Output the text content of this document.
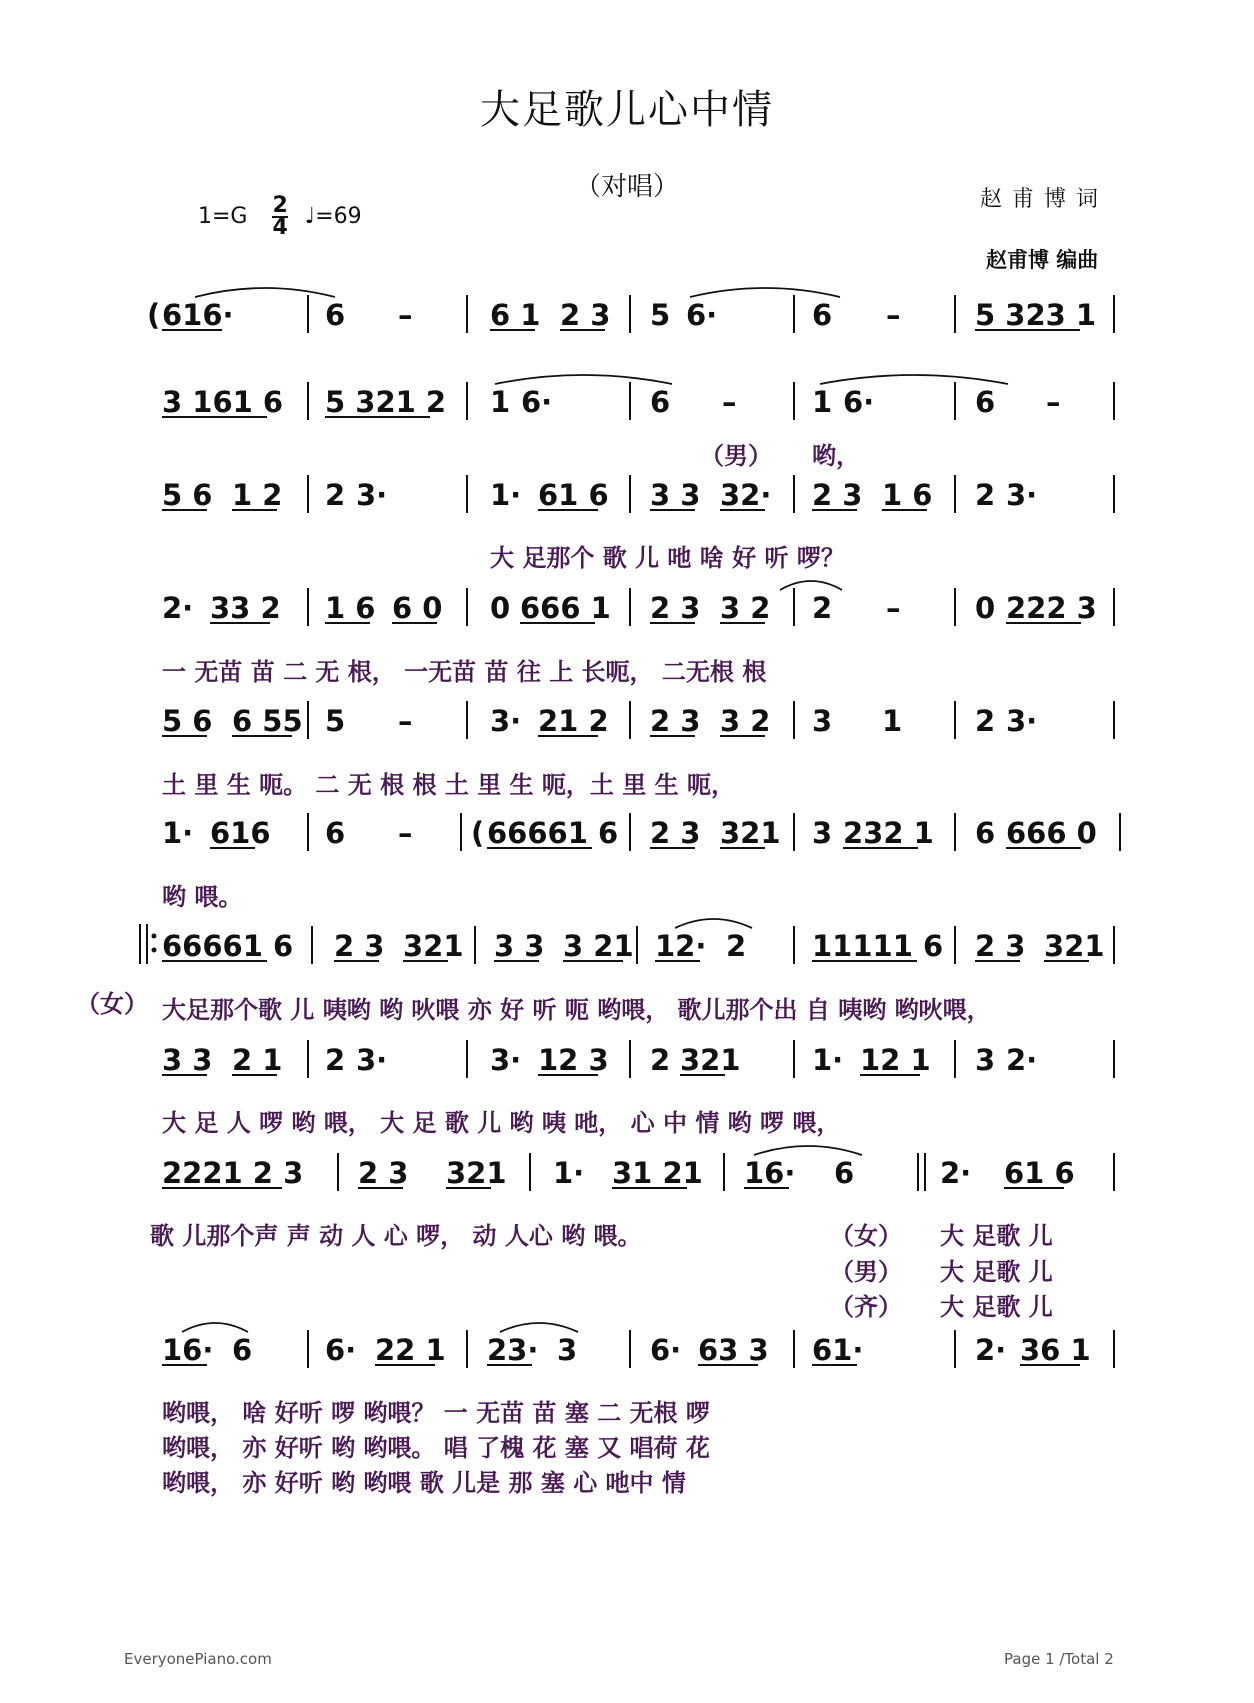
大足歌儿心中情
（对唱）
$1=G \frac{2}{4}$ ♩=69
赵甫博词
赵甫博 编曲
( 616·	6 –	6 1 2 3 5 6·	6 –	5 323 1
3 161 6 5 321 2 1 6·	6 –	1 6·	6 –
5 6 1 2 2 3·	1· 61 6 3 3 32· 2 3 1 6 2 3·
2· 33 2 1 6 6 0 0 666 1 2 3 3 2 2 –	0 222 3
5 6 6 55 5 –	3· 21 2 2 3 3 2 3 1	2 3·
1· 616 6 – ( 66661 6 2 3 321 3 232 1 6 666 0
66661 6 2 3 321 3 3 3 21 12· 2 11111 6 2 3 321
3 3 2 1 2 3·	3· 12 3 2 321 1· 12 1 3 2·
2221 2 3 2 3 321 1· 31 21 16· 6	2· 61 6
16· 6	6· 22 1 23· 3	6· 63 3 61·	2· 36 1
（男） 哟，
大 足那个 歌 儿 吔 啥 好 听 啰？
一 无苗 苗 二 无 根， 一无苗 苗 往 上 长呃， 二无根 根
土 里 生 呃。 二 无 根 根 土 里 生 呃，土 里 生 呃，
哟 喂。
（女） 大足那个歌 儿 咦哟 哟 吙喂 亦 好 听 呃 哟喂， 歌儿那个出 自 咦哟 哟吙喂，
大 足 人 啰 哟 喂， 大 足 歌 儿 哟 咦 吔， 心 中 情 哟 啰 喂，
歌 儿那个声 声 动 人 心 啰， 动 人心 哟 喂。	（女） 大 足歌 儿
（男） 大 足歌 儿
（齐） 大 足歌 儿
哟喂， 啥 好听 啰 哟喂？ 一 无苗 苗 塞 二 无根 啰
哟喂， 亦 好听 哟 哟喂。 唱 了槐 花 塞 又 唱荷 花
哟喂， 亦 好听 哟 哟喂 歌 儿是 那 塞 心 吔中 情
EveryonePiano.com	Page 1 /Total 2
